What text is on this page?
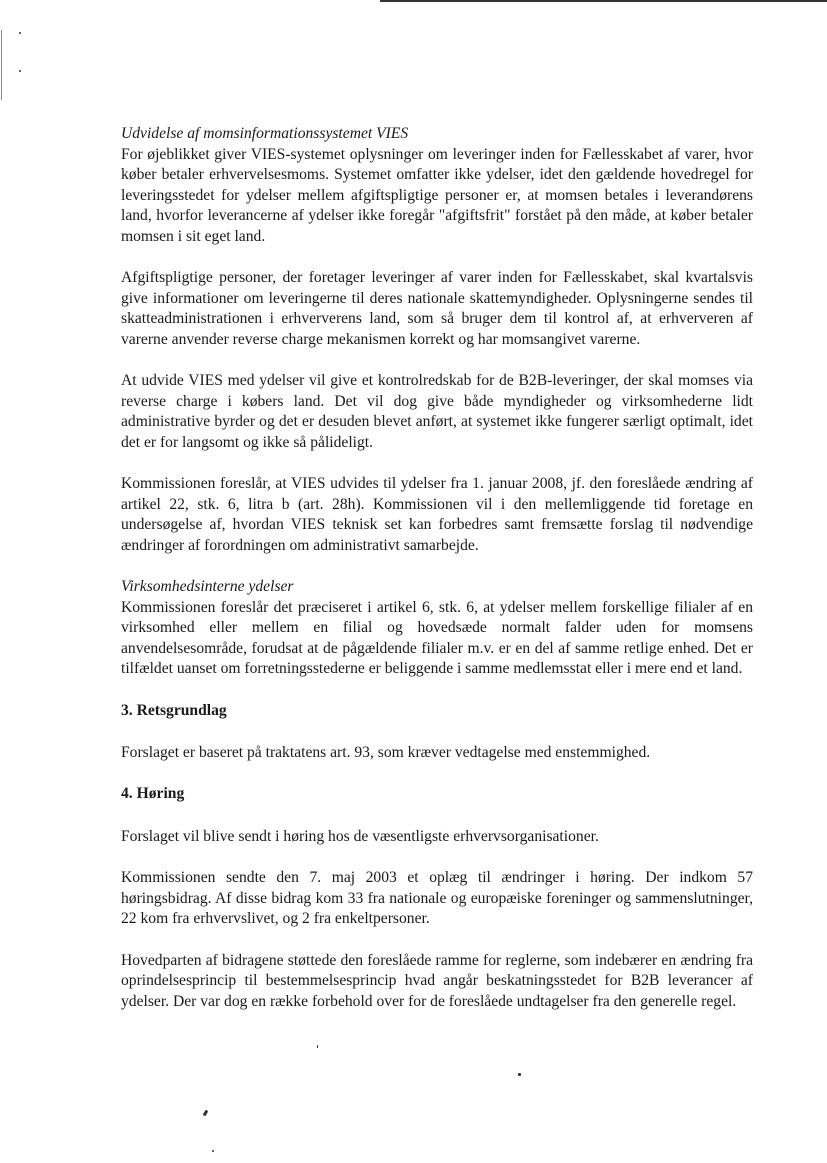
Udvidelse af momsinformationssystemet VIES
For øjeblikket giver VIES-systemet oplysninger om leveringer inden for Fællesskabet af varer, hvor køber betaler erhvervelsesmoms. Systemet omfatter ikke ydelser, idet den gældende hovedregel for leveringsstedet for ydelser mellem afgiftspligtige personer er, at momsen betales i leverandørens land, hvorfor leverancerne af ydelser ikke foregår "afgiftsfrit" forstået på den måde, at køber betaler momsen i sit eget land.

Afgiftspligtige personer, der foretager leveringer af varer inden for Fællesskabet, skal kvartalsvis give informationer om leveringerne til deres nationale skattemyndigheder. Oplysningerne sendes til skatteadministrationen i erhververens land, som så bruger dem til kontrol af, at erhververen af varerne anvender reverse charge mekanismen korrekt og har momsangivet varerne.

At udvide VIES med ydelser vil give et kontrolredskab for de B2B-leveringer, der skal momses via reverse charge i købers land. Det vil dog give både myndigheder og virksomhederne lidt administrative byrder og det er desuden blevet anført, at systemet ikke fungerer særligt optimalt, idet det er for langsomt og ikke så pålideligt.

Kommissionen foreslår, at VIES udvides til ydelser fra 1. januar 2008, jf. den foreslåede ændring af artikel 22, stk. 6, litra b (art. 28h). Kommissionen vil i den mellemliggende tid foretage en undersøgelse af, hvordan VIES teknisk set kan forbedres samt fremsætte forslag til nødvendige ændringer af forordningen om administrativt samarbejde.

Virksomhedsinterne ydelser
Kommissionen foreslår det præciseret i artikel 6, stk. 6, at ydelser mellem forskellige filialer af en virksomhed eller mellem en filial og hovedsæde normalt falder uden for momsens anvendelsesområde, forudsat at de pågældende filialer m.v. er en del af samme retlige enhed. Det er tilfældet uanset om forretningsstederne er beliggende i samme medlemsstat eller i mere end et land.

3. Retsgrundlag

Forslaget er baseret på traktatens art. 93, som kræver vedtagelse med enstemmighed.

4. Høring

Forslaget vil blive sendt i høring hos de væsentligste erhvervsorganisationer.

Kommissionen sendte den 7. maj 2003 et oplæg til ændringer i høring. Der indkom 57 høringsbidrag. Af disse bidrag kom 33 fra nationale og europæiske foreninger og sammenslutninger, 22 kom fra erhvervslivet, og 2 fra enkeltpersoner.

Hovedparten af bidragene støttede den foreslåede ramme for reglerne, som indebærer en ændring fra oprindelsesprincip til bestemmelsesprincip hvad angår beskatningsstedet for B2B leverancer af ydelser. Der var dog en række forbehold over for de foreslåede undtagelser fra den generelle regel.
